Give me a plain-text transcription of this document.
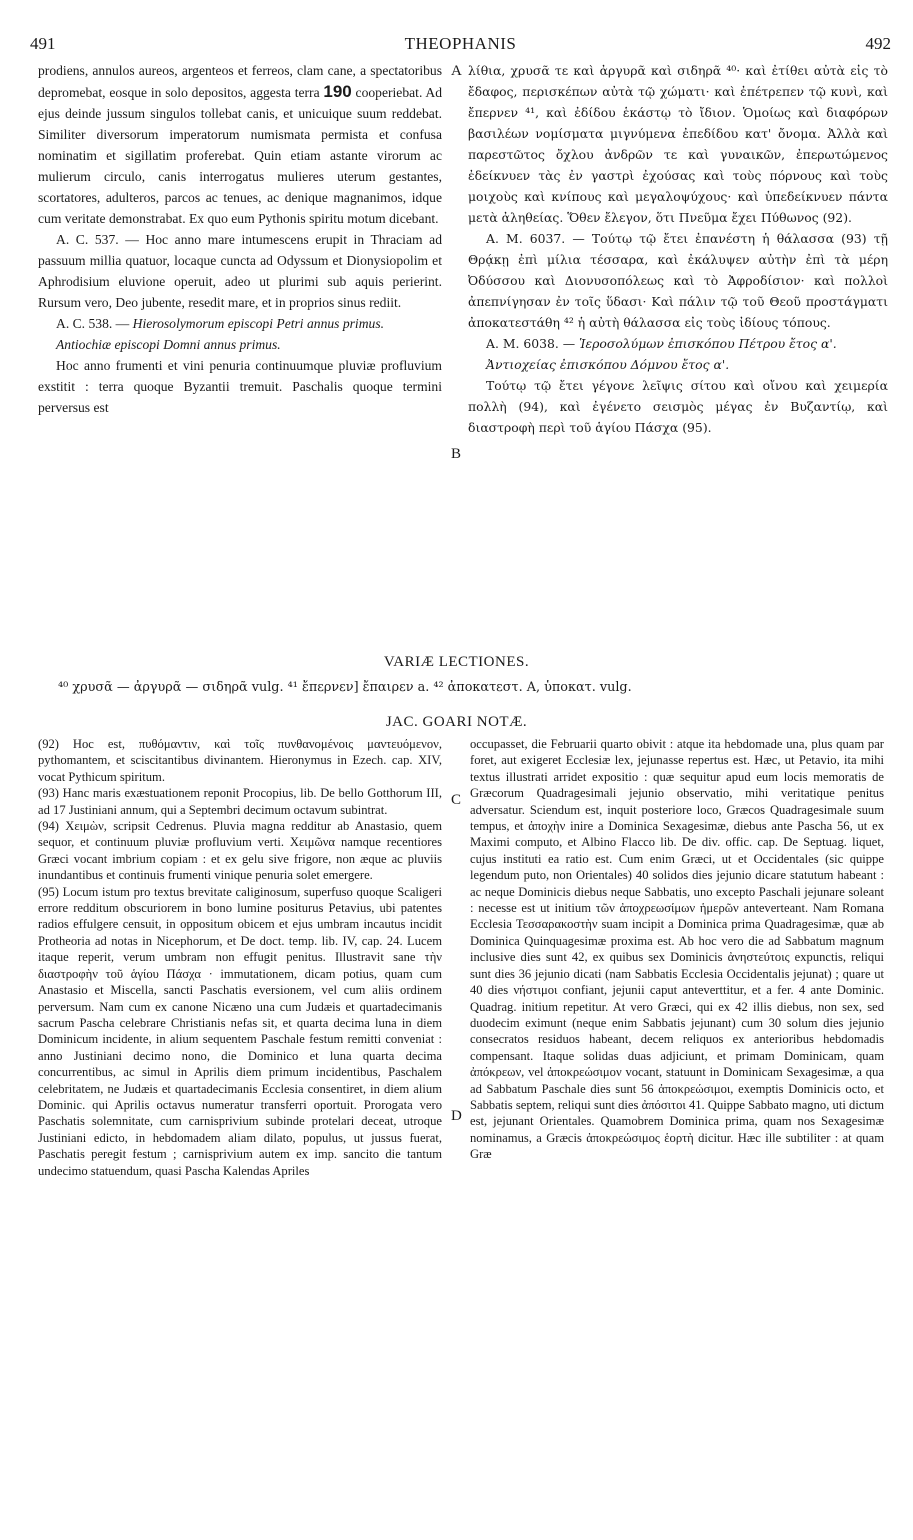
491	THEOPHANIS	492
A
B
C
D

prodiens, annulos aureos, argenteos et ferreos, clam cane, a spectatoribus depromebat, eosque in solo depositos, aggesta terra 190 cooperiebat. Ad ejus deinde jussum singulos tollebat canis, et unicuique suum reddebat. Similiter diversorum imperatorum numismata permista et confusa nominatim et sigillatim proferebat. Quin etiam astante virorum ac mulierum circulo, canis interrogatus mulieres uterum gestantes, scortatores, adulteros, parcos ac tenues, ac denique magnanimos, idque cum veritate demonstrabat. Ex quo eum Pythonis spiritu motum dicebant.

A. C. 537. — Hoc anno mare intumescens erupit in Thraciam ad passuum millia quatuor, locaque cuncta ad Odyssum et Dionysiopolim et Aphrodisium eluvione operuit, adeo ut plurimi sub aquis perierint. Rursum vero, Deo jubente, resedit mare, et in proprios sinus rediit.

A. C. 538. — Hierosolymorum episcopi Petri annus primus.

Antiochiæ episcopi Domni annus primus.

Hoc anno frumenti et vini penuria continuumque pluviæ profluvium exstitit : terra quoque Byzantii tremuit. Paschalis quoque termini perversus est

λίθια, χρυσᾶ τε καὶ ἀργυρᾶ καὶ σιδηρᾶ ⁴⁰· καὶ ἐτίθει αὐτὰ εἰς τὸ ἔδαφος, περισκέπων αὐτὰ τῷ χώματι· καὶ ἐπέτρεπεν τῷ κυνὶ, καὶ ἔπερνεν ⁴¹, καὶ ἐδίδου ἑκάστῳ τὸ ἴδιον. Ὁμοίως καὶ διαφόρων βασιλέων νομίσματα μιγνύμενα ἐπεδίδου κατ' ὄνομα. Ἀλλὰ καὶ παρεστῶτος ὄχλου ἀνδρῶν τε καὶ γυναικῶν, ἐπερωτώμενος ἐδείκνυεν τὰς ἐν γαστρὶ ἐχούσας καὶ τοὺς πόρνους καὶ τοὺς μοιχοὺς καὶ κνίπους καὶ μεγαλοψύχους· καὶ ὑπεδείκνυεν πάντα μετὰ ἀληθείας. Ὅθεν ἔλεγον, ὅτι Πνεῦμα ἔχει Πύθωνος (92).

A. M. 6037. — Τούτῳ τῷ ἔτει ἐπανέστη ἡ θάλασσα (93) τῇ Θρᾴκῃ ἐπὶ μίλια τέσσαρα, καὶ ἐκάλυψεν αὐτὴν ἐπὶ τὰ μέρη Ὀδύσσου καὶ Διονυσοπόλεως καὶ τὸ Ἀφροδίσιον· καὶ πολλοὶ ἀπεπνίγησαν ἐν τοῖς ὕδασι· Καὶ πάλιν τῷ τοῦ Θεοῦ προστάγματι ἀποκατεστάθη ⁴² ἡ αὐτὴ θάλασσα εἰς τοὺς ἰδίους τόπους.

A. M. 6038. — Ἱεροσολύμων ἐπισκόπου Πέτρου ἔτος α'.

Ἀντιοχείας ἐπισκόπου Δόμνου ἔτος α'.

Τούτῳ τῷ ἔτει γέγονε λεῖψις σίτου καὶ οἴνου καὶ χειμερία πολλὴ (94), καὶ ἐγένετο σεισμὸς μέγας ἐν Βυζαντίῳ, καὶ διαστροφὴ περὶ τοῦ ἁγίου Πάσχα (95).

VARIÆ LECTIONES.
⁴⁰ χρυσᾶ — ἀργυρᾶ — σιδηρᾶ vulg. ⁴¹ ἔπερνεν] ἔπαιρεν a. ⁴² ἀποκατεστ. A, ὑποκατ. vulg.
JAC. GOARI NOTÆ.

(92) Hoc est, πυθόμαντιν, καὶ τοῖς πυνθανομένοις μαντευόμενον, pythomantem, et sciscitantibus divinantem. Hieronymus in Ezech. cap. XIV, vocat Pythicum spiritum.

(93) Hanc maris exæstuationem reponit Procopius, lib. De bello Gotthorum III, ad 17 Justiniani annum, qui a Septembri decimum octavum subintrat.

(94) Χειμὼν, scripsit Cedrenus. Pluvia magna redditur ab Anastasio, quem sequor, et continuum pluviæ profluvium verti. Χειμῶνα namque recentiores Græci vocant imbrium copiam : et ex gelu sive frigore, non æque ac pluviis inundantibus et continuis frumenti vinique penuria solet emergere.

(95) Locum istum pro textus brevitate caliginosum, superfuso quoque Scaligeri errore redditum obscuriorem in bono lumine positurus Petavius, ubi patentes radios effulgere censuit, in oppositum obicem et ejus umbram incautus incidit Protheoria ad notas in Nicephorum, et De doct. temp. lib. IV, cap. 24. Lucem itaque reperit, verum umbram non effugit penitus. Illustravit sane τὴν διαστροφὴν τοῦ ἁγίου Πάσχα · immutationem, dicam potius, quam cum Anastasio et Miscella, sancti Paschatis eversionem, vel cum aliis ordinem perversum. Nam cum ex canone Nicæno una cum Judæis et quartadecimanis sacrum Pascha celebrare Christianis nefas sit, et quarta decima luna in diem Dominicum incidente, in alium sequentem Paschale festum remitti conveniat : anno Justiniani decimo nono, die Dominico et luna quarta decima concurrentibus, ac simul in Aprilis diem primum incidentibus, Paschalem celebritatem, ne Judæis et quartadecimanis Ecclesia consentiret, in diem alium Dominic. qui Aprilis octavus numeratur transferri oportuit. Prorogata vero Paschatis solemnitate, cum carnisprivium subinde protelari deceat, utroque Justiniani edicto, in hebdomadem aliam dilato, populus, ut jussus fuerat, Paschatis peregit festum ; carnisprivium autem ex imp. sancito die tantum undecimo statuendum, quasi Pascha Kalendas Apriles

occupasset, die Februarii quarto obivit : atque ita hebdomade una, plus quam par foret, aut exigeret Ecclesiæ lex, jejunasse repertus est. Hæc, ut Petavio, ita mihi textus illustrati arridet expositio : quæ sequitur apud eum locis memoratis de Græcorum Quadragesimali jejunio observatio, mihi veritatique penitus adversatur. Sciendum est, inquit posteriore loco, Græcos Quadragesimale suum tempus, et ἀποχὴν inire a Dominica Sexagesimæ, diebus ante Pascha 56, ut ex Maximi computo, et Albino Flacco lib. De div. offic. cap. De Septuag. liquet, cujus instituti ea ratio est. Cum enim Græci, ut et Occidentales (sic quippe legendum puto, non Orientales) 40 solidos dies jejunio dicare statutum habeant : ac neque Dominicis diebus neque Sabbatis, uno excepto Paschali jejunare soleant : necesse est ut initium τῶν ἀποχρεωσίμων ἡμερῶν anteverteant. Nam Romana Ecclesia Τεσσαρακοστὴν suam incipit a Dominica prima Quadragesimæ, quæ ab Dominica Quinquagesimæ proxima est. Ab hoc vero die ad Sabbatum magnum inclusive dies sunt 42, ex quibus sex Dominicis ἀνηστεύτοις expunctis, reliqui sunt dies 36 jejunio dicati (nam Sabbatis Ecclesia Occidentalis jejunat) ; quare ut 40 dies νήστιμοι confiant, jejunii caput anteverttitur, et a fer. 4 ante Dominic. Quadrag. initium repetitur. At vero Græci, qui ex 42 illis diebus, non sex, sed duodecim eximunt (neque enim Sabbatis jejunant) cum 30 solum dies jejunio consecratos residuos habeant, decem reliquos ex anterioribus hebdomadis compensant. Itaque solidas duas adjiciunt, et primam Dominicam, quam ἀπόκρεων, vel ἀποκρεώσιμον vocant, statuunt in Dominicam Sexagesimæ, a qua ad Sabbatum Paschale dies sunt 56 ἀποκρεώσιμοι, exemptis Dominicis octo, et Sabbatis septem, reliqui sunt dies ἀπόσιτοι 41. Quippe Sabbato magno, uti dictum est, jejunant Orientales. Quamobrem Dominica prima, quam nos Sexagesimæ nominamus, a Græcis ἀποκρεώσιμος ἑορτὴ dicitur. Hæc ille subtiliter : at quam Græ
